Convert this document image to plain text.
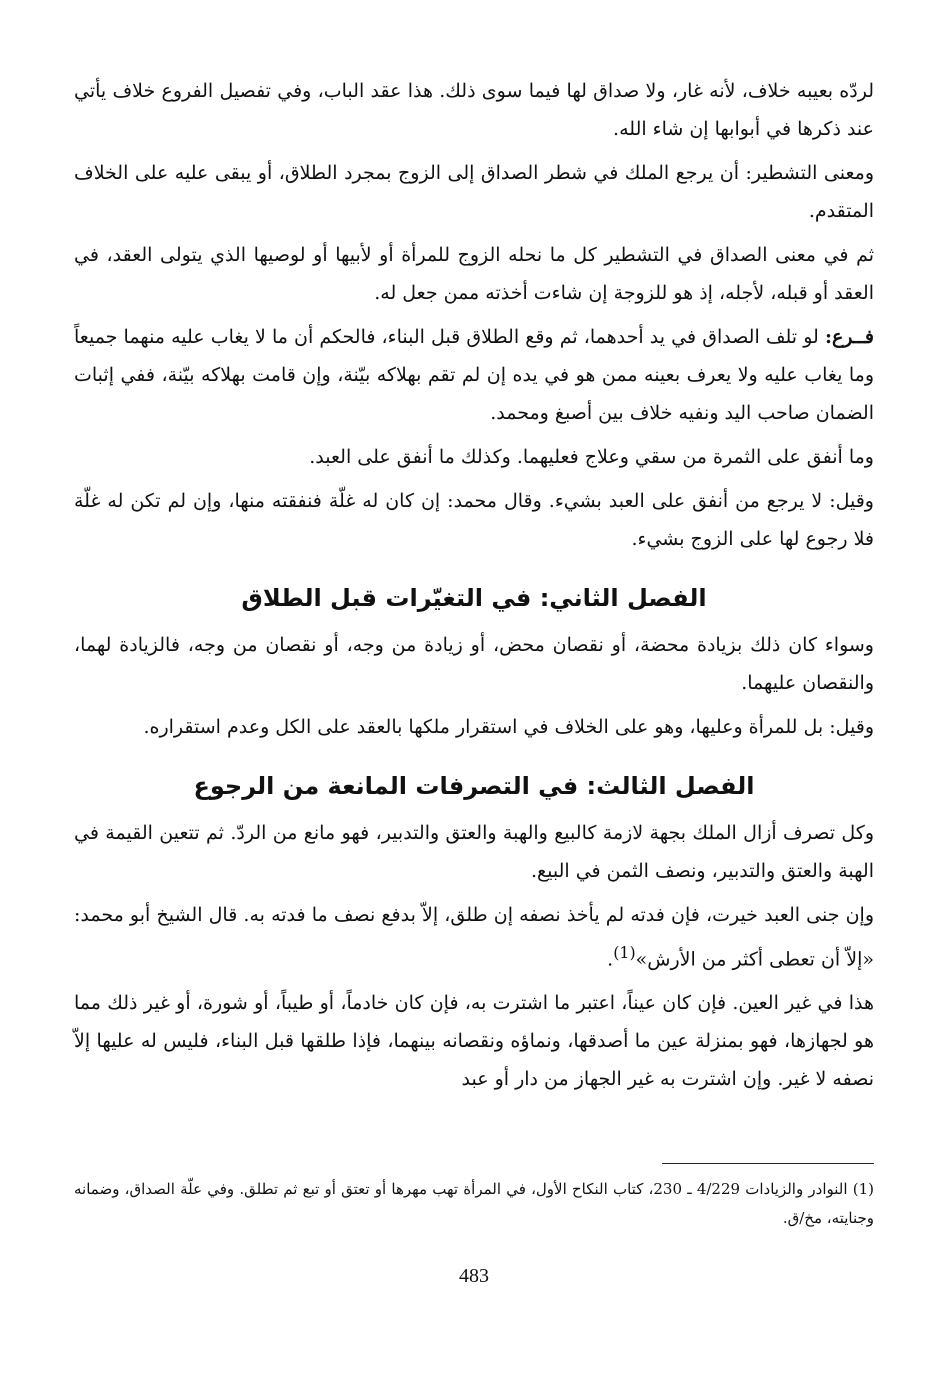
لردّه بعيبه خلاف، لأنه غار، ولا صداق لها فيما سوى ذلك. هذا عقد الباب، وفي تفصيل الفروع خلاف يأتي عند ذكرها في أبوابها إن شاء الله.

ومعنى التشطير: أن يرجع الملك في شطر الصداق إلى الزوج بمجرد الطلاق، أو يبقى عليه على الخلاف المتقدم.

ثم في معنى الصداق في التشطير كل ما نحله الزوج للمرأة أو لأبيها أو لوصيها الذي يتولى العقد، في العقد أو قبله، لأجله، إذ هو للزوجة إن شاءت أخذته ممن جعل له.

فــرع: لو تلف الصداق في يد أحدهما، ثم وقع الطلاق قبل البناء، فالحكم أن ما لا يغاب عليه منهما جميعاً وما يغاب عليه ولا يعرف بعينه ممن هو في يده إن لم تقم بهلاكه بيّنة، وإن قامت بهلاكه بيّنة، ففي إثبات الضمان صاحب اليد ونفيه خلاف بين أصبغ ومحمد.

وما أنفق على الثمرة من سقي وعلاج فعليهما. وكذلك ما أنفق على العبد.

وقيل: لا يرجع من أنفق على العبد بشيء. وقال محمد: إن كان له غلّة فنفقته منها، وإن لم تكن له غلّة فلا رجوع لها على الزوج بشيء.

الفصل الثاني: في التغيّرات قبل الطلاق

وسواء كان ذلك بزيادة محضة، أو نقصان محض، أو زيادة من وجه، أو نقصان من وجه، فالزيادة لهما، والنقصان عليهما.

وقيل: بل للمرأة وعليها، وهو على الخلاف في استقرار ملكها بالعقد على الكل وعدم استقراره.

الفصل الثالث: في التصرفات المانعة من الرجوع

وكل تصرف أزال الملك بجهة لازمة كالبيع والهبة والعتق والتدبير، فهو مانع من الردّ. ثم تتعين القيمة في الهبة والعتق والتدبير، ونصف الثمن في البيع.

وإن جنى العبد خيرت، فإن فدته لم يأخذ نصفه إن طلق، إلاّ بدفع نصف ما فدته به. قال الشيخ أبو محمد: «إلاّ أن تعطى أكثر من الأرش»$^{(1)}$.

هذا في غير العين. فإن كان عيناً، اعتبر ما اشترت به، فإن كان خادماً، أو طيباً، أو شورة، أو غير ذلك مما هو لجهازها، فهو بمنزلة عين ما أصدقها، ونماؤه ونقصانه بينهما، فإذا طلقها قبل البناء، فليس له عليها إلاّ نصفه لا غير. وإن اشترت به غير الجهاز من دار أو عبد

(1) النوادر والزيادات 4/229 ـ 230، كتاب النكاح الأول، في المرأة تهب مهرها أو تعتق أو تبع ثم تطلق. وفي علّة الصداق، وضمانه وجنايته، مخ/ق.
483
